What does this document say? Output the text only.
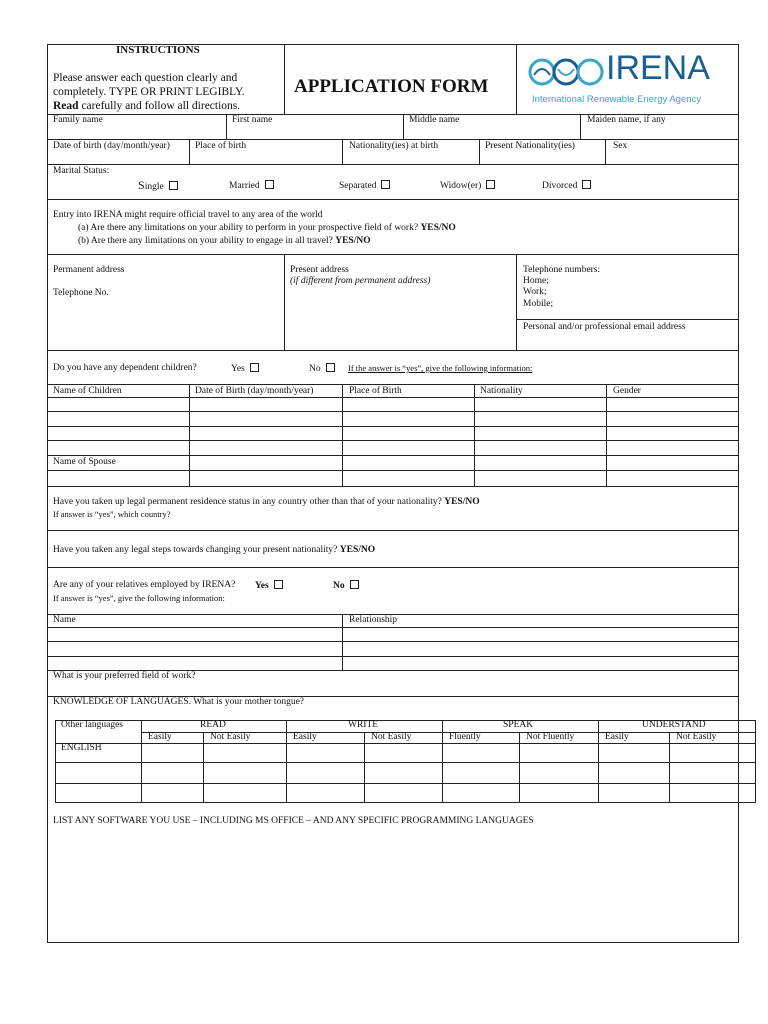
INSTRUCTIONS
Please answer each question clearly and
completely. TYPE OR PRINT LEGIBLY.
Read carefully and follow all directions.
APPLICATION FORM	IRENA
International Renewable Energy Agency
Family name	First name	Middle name	Maiden name, if any
Date of birth (day/month/year)	Place of birth	Nationality(ies) at birth	Present Nationality(ies)	Sex
Marital Status:
Single	Married	Separated	Widow(er)	Divorced
Entry into IRENA might require official travel to any area of the world
(a) Are there any limitations on your ability to perform in your prospective field of work? YES/NO
(b) Are there any limitations on your ability to engage in all travel? YES/NO
Permanent address
Telephone No.
Present address
(if different from permanent address)
Telephone numbers:
Home;
Work;
Mobile;
Personal and/or professional email address
Do you have any dependent children?	Yes	No	If the answer is “yes”, give the following information:
Name of Children	Date of Birth (day/month/year)	Place of Birth	Nationality	Gender
Name of Spouse
Have you taken up legal permanent residence status in any country other than that of your nationality? YES/NO
If answer is “yes”, which country?
Have you taken any legal steps towards changing your present nationality? YES/NO
Are any of your relatives employed by IRENA? Yes	No
If answer is “yes”, give the following information:
Name	Relationship
What is your preferred field of work?
KNOWLEDGE OF LANGUAGES. What is your mother tongue?
Other languages	READ	WRITE	SPEAK	UNDERSTAND
Easily	Not Easily	Easily	Not Easily	Fluently	Not Fluently	Easily	Not Easily
ENGLISH
LIST ANY SOFTWARE YOU USE – INCLUDING MS OFFICE – AND ANY SPECIFIC PROGRAMMING LANGUAGES
